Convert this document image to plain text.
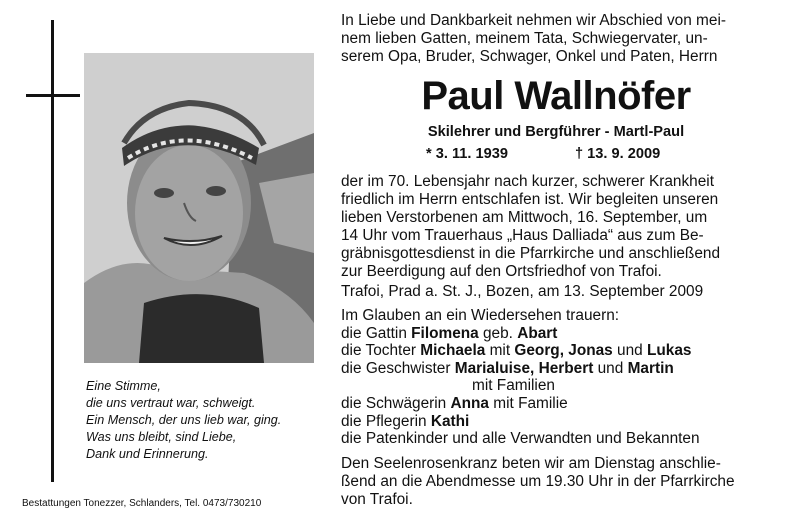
Eine Stimme,
die uns vertraut war, schweigt.
Ein Mensch, der uns lieb war, ging.
Was uns bleibt, sind Liebe,
Dank und Erinnerung.
Bestattungen Tonezzer, Schlanders, Tel. 0473/730210
In Liebe und Dankbarkeit nehmen wir Abschied von mei-
nem lieben Gatten, meinem Tata, Schwiegervater, un-
serem Opa, Bruder, Schwager, Onkel und Paten, Herrn
Paul Wallnöfer
Skilehrer und Bergführer - Martl-Paul
* 3. 11. 1939	† 13. 9. 2009
der im 70. Lebensjahr nach kurzer, schwerer Krankheit
friedlich im Herrn entschlafen ist. Wir begleiten unseren
lieben Verstorbenen am Mittwoch, 16. September, um
14 Uhr vom Trauerhaus „Haus Dalliada“ aus zum Be-
gräbnisgottesdienst in die Pfarrkirche und anschließend
zur Beerdigung auf den Ortsfriedhof von Trafoi.
Trafoi, Prad a. St. J., Bozen, am 13. September 2009
Im Glauben an ein Wiedersehen trauern:
die Gattin Filomena geb. Abart
die Tochter Michaela mit Georg, Jonas und Lukas
die Geschwister Marialuise, Herbert und Martin
mit Familien
die Schwägerin Anna mit Familie
die Pflegerin Kathi
die Patenkinder und alle Verwandten und Bekannten
Den Seelenrosenkranz beten wir am Dienstag anschlie-
ßend an die Abendmesse um 19.30 Uhr in der Pfarrkirche
von Trafoi.
